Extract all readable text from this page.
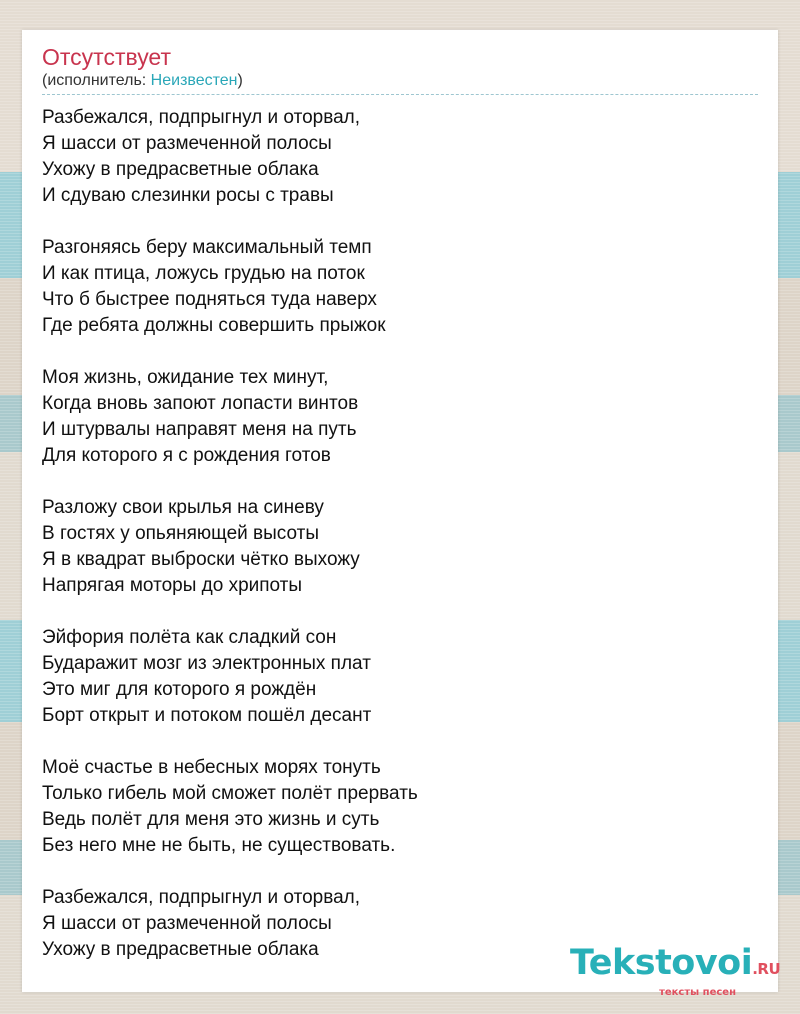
Отсутствует

(исполнитель: Неизвестен)

Разбежался, подпрыгнул и оторвал,
Я шасси от размеченной полосы
Ухожу в предрасветные облака
И сдуваю слезинки росы с травы
Разгоняясь беру максимальный темп
И как птица, ложусь грудью на поток
Что б быстрее подняться туда наверх
Где ребята должны совершить прыжок
Моя жизнь, ожидание тех минут,
Когда вновь запоют лопасти винтов
И штурвалы направят меня на путь
Для которого я с рождения готов
Разложу свои крылья на синеву
В гостях у опьяняющей высоты
Я в квадрат выброски чётко выхожу
Напрягая моторы до хрипоты
Эйфория полёта как сладкий сон
Бударажит мозг из электронных плат
Это миг для которого я рождён
Борт открыт и потоком пошёл десант
Моё счастье в небесных морях тонуть
Только гибель мой сможет полёт прервать
Ведь полёт для меня это жизнь и суть
Без него мне не быть, не существовать.
Разбежался, подпрыгнул и оторвал,
Я шасси от размеченной полосы
Ухожу в предрасветные облака	Tekstovoi.RU
тексты песен
